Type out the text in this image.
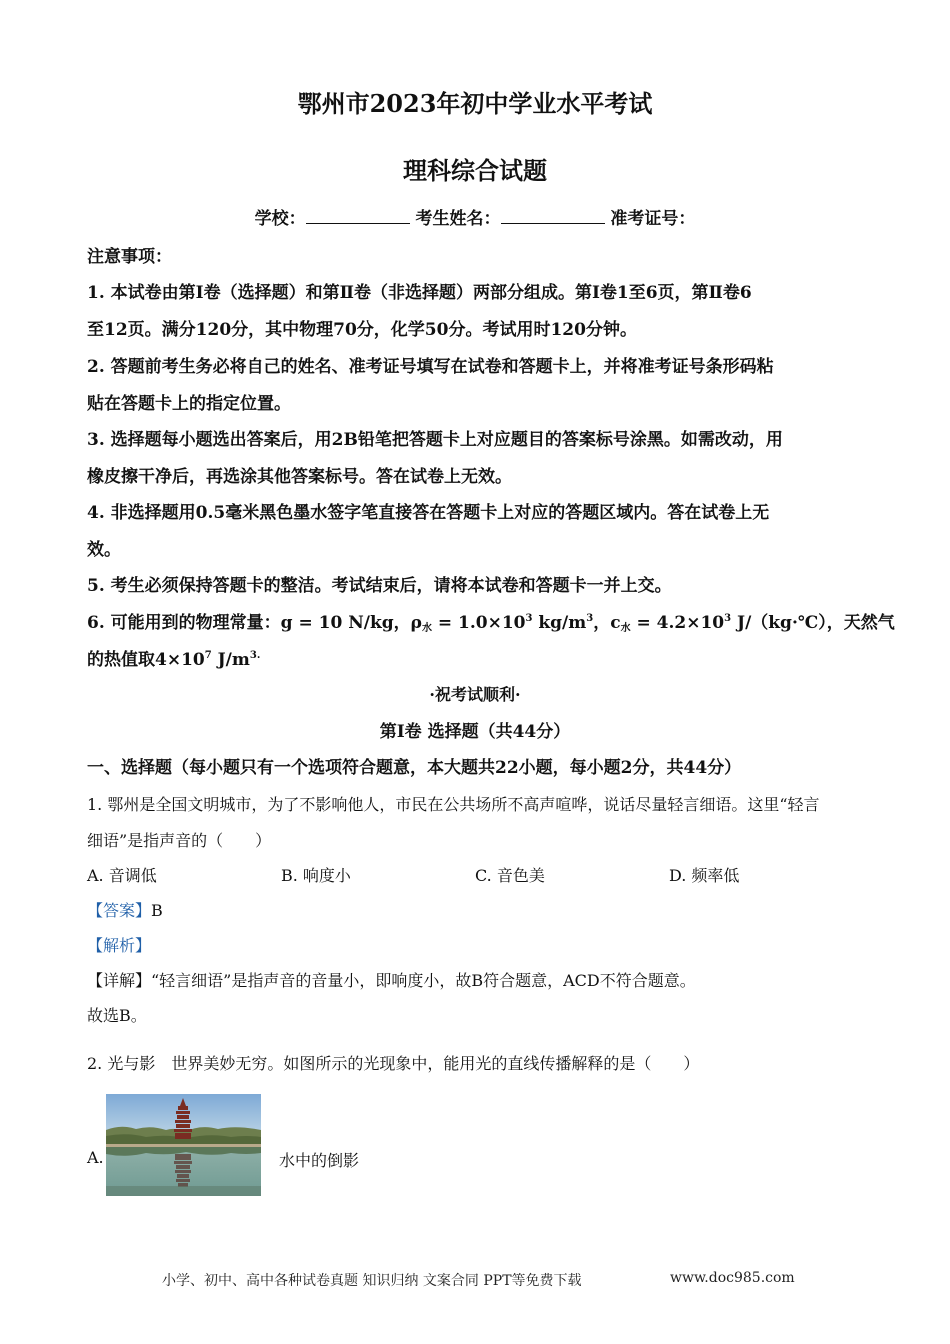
鄂州市2023年初中学业水平考试
理科综合试题
学校：	考生姓名：	准考证号：
注意事项：
1. 本试卷由第Ⅰ卷（选择题）和第Ⅱ卷（非选择题）两部分组成。第Ⅰ卷1至6页，第Ⅱ卷6
至12页。满分120分，其中物理70分，化学50分。考试用时120分钟。
2. 答题前考生务必将自己的姓名、准考证号填写在试卷和答题卡上，并将准考证号条形码粘
贴在答题卡上的指定位置。
3. 选择题每小题选出答案后，用2B铅笔把答题卡上对应题目的答案标号涂黑。如需改动，用
橡皮擦干净后，再选涂其他答案标号。答在试卷上无效。
4. 非选择题用0.5毫米黑色墨水签字笔直接答在答题卡上对应的答题区域内。答在试卷上无
效。
5. 考生必须保持答题卡的整洁。考试结束后，请将本试卷和答题卡一并上交。
6. 可能用到的物理常量：g = 10 N/kg，$\rho_水 = 1.0\times 10^3$ $kg/m^3$，$c_水 = 4.2\times 10^3$ J/（kg·℃），天然气
的热值取$4\times 10^7$ $J/m^{3.}$
·祝考试顺利·
第Ⅰ卷 选择题（共44分）
一、选择题（每小题只有一个选项符合题意，本大题共22小题，每小题2分，共44分）
1. 鄂州是全国文明城市，为了不影响他人，市民在公共场所不高声喧哗，说话尽量轻言细语。这里“轻言
细语”是指声音的（　　）
A. 音调低	B. 响度小	C. 音色美	D. 频率低
【答案】B
【解析】
【详解】“轻言细语”是指声音的音量小，即响度小，故B符合题意，ACD不符合题意。
故选B。
2. 光与影　世界美妙无穷。如图所示的光现象中，能用光的直线传播解释的是（　　）
A.	水中的倒影
小学、初中、高中各种试卷真题 知识归纳 文案合同 PPT等免费下载	www.doc985.com
